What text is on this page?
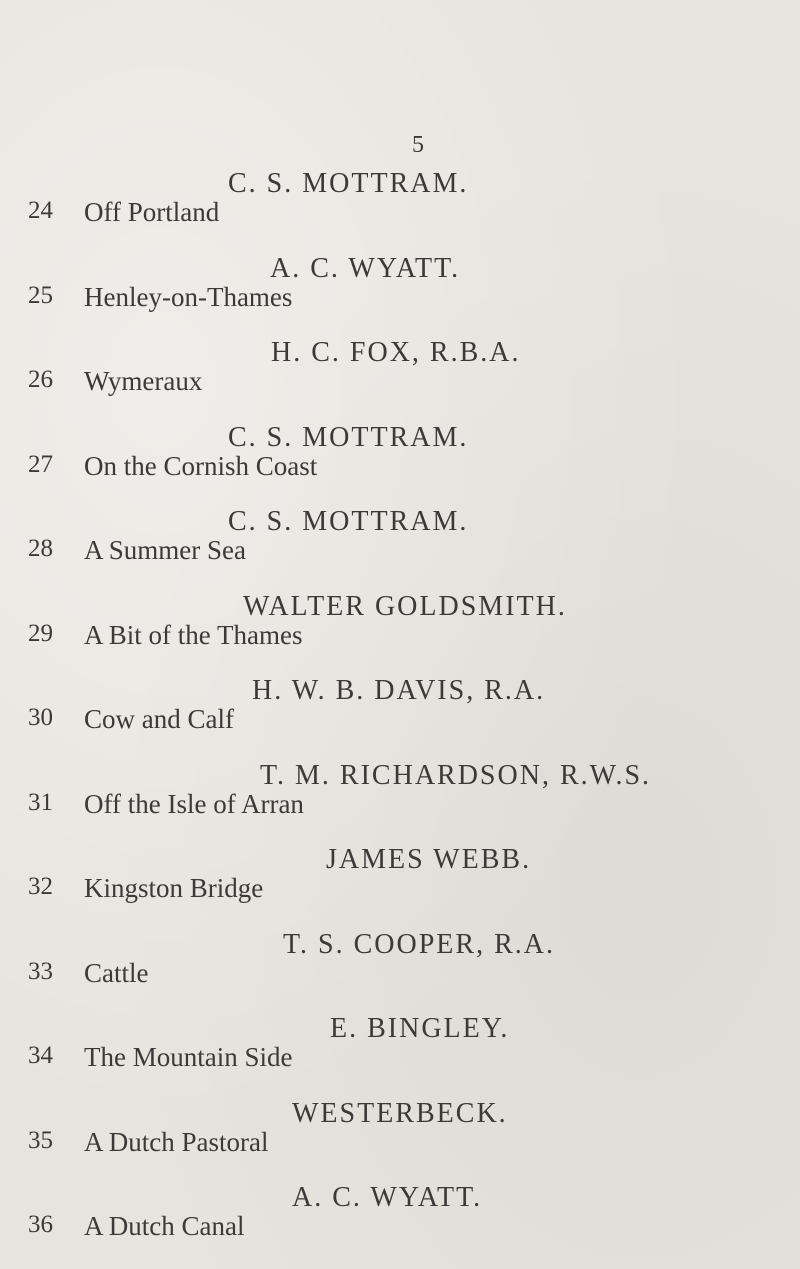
5
C. S. MOTTRAM.
24 Off Portland
A. C. WYATT.
25 Henley-on-Thames
H. C. FOX, R.B.A.
26 Wymeraux
C. S. MOTTRAM.
27 On the Cornish Coast
C. S. MOTTRAM.
28 A Summer Sea
WALTER GOLDSMITH.
29 A Bit of the Thames
H. W. B. DAVIS, R.A.
30 Cow and Calf
T. M. RICHARDSON, R.W.S.
31 Off the Isle of Arran
JAMES WEBB.
32 Kingston Bridge
T. S. COOPER, R.A.
33 Cattle
E. BINGLEY.
34 The Mountain Side
WESTERBECK.
35 A Dutch Pastoral
A. C. WYATT.
36 A Dutch Canal
